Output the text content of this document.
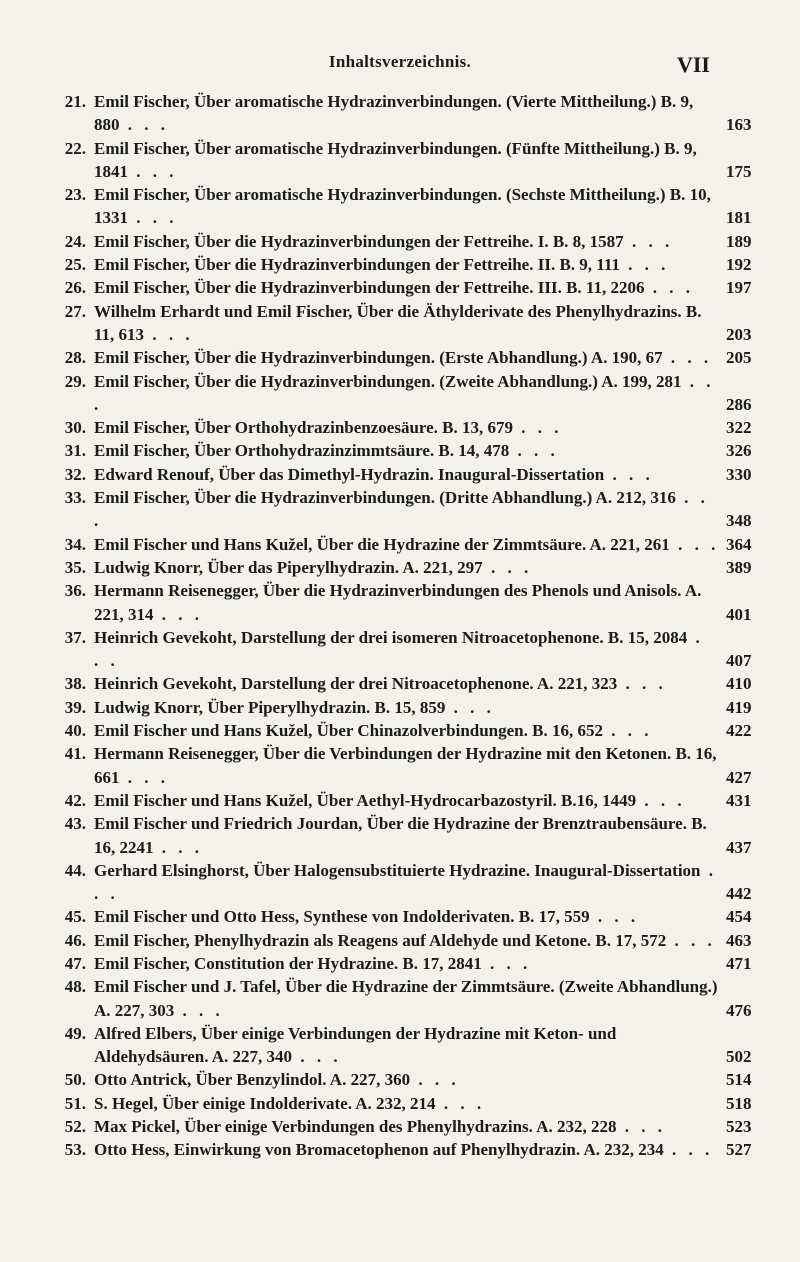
Inhaltsverzeichnis.	VII
21. Emil Fischer, Über aromatische Hydrazinverbindungen. (Vierte Mittheilung.) B. 9, 880 . . .	163
22. Emil Fischer, Über aromatische Hydrazinverbindungen. (Fünfte Mittheilung.) B. 9, 1841 . . .	175
23. Emil Fischer, Über aromatische Hydrazinverbindungen. (Sechste Mittheilung.) B. 10, 1331 . . .	181
24. Emil Fischer, Über die Hydrazinverbindungen der Fettreihe. I. B. 8, 1587 . . .	189
25. Emil Fischer, Über die Hydrazinverbindungen der Fettreihe. II. B. 9, 111 . . .	192
26. Emil Fischer, Über die Hydrazinverbindungen der Fettreihe. III. B. 11, 2206 . . . 197
27. Wilhelm Erhardt und Emil Fischer, Über die Äthylderivate des Phenylhydrazins. B. 11, 613 . . .	203
28. Emil Fischer, Über die Hydrazinverbindungen. (Erste Abhandlung.) A. 190, 67 . . . 205
29. Emil Fischer, Über die Hydrazinverbindungen. (Zweite Abhandlung.) A. 199, 281 . . .	286
30. Emil Fischer, Über Orthohydrazinbenzoesäure. B. 13, 679 . . .	322
31. Emil Fischer, Über Orthohydrazinzimmtsäure. B. 14, 478 . . .	326
32. Edward Renouf, Über das Dimethyl-Hydrazin. Inaugural-Dissertation . . .	330
33. Emil Fischer, Über die Hydrazinverbindungen. (Dritte Abhandlung.) A. 212, 316 . . .	348
34. Emil Fischer und Hans Kužel, Über die Hydrazine der Zimmtsäure. A. 221, 261 . . . 364
35. Ludwig Knorr, Über das Piperylhydrazin. A. 221, 297 . . .	389
36. Hermann Reisenegger, Über die Hydrazinverbindungen des Phenols und Anisols. A. 221, 314 . . .	401
37. Heinrich Gevekoht, Darstellung der drei isomeren Nitroacetophenone. B. 15, 2084 . . .	407
38. Heinrich Gevekoht, Darstellung der drei Nitroacetophenone. A. 221, 323 . . .	410
39. Ludwig Knorr, Über Piperylhydrazin. B. 15, 859 . . .	419
40. Emil Fischer und Hans Kužel, Über Chinazolverbindungen. B. 16, 652 . . .	422
41. Hermann Reisenegger, Über die Verbindungen der Hydrazine mit den Ketonen. B. 16, 661 . . .	427
42. Emil Fischer und Hans Kužel, Über Aethyl-Hydrocarbazostyril. B.16, 1449 . . . 431
43. Emil Fischer und Friedrich Jourdan, Über die Hydrazine der Brenztraubensäure. B. 16, 2241 . . .	437
44. Gerhard Elsinghorst, Über Halogensubstituierte Hydrazine. Inaugural-Dissertation . . .	442
45. Emil Fischer und Otto Hess, Synthese von Indolderivaten. B. 17, 559 . . .	454
46. Emil Fischer, Phenylhydrazin als Reagens auf Aldehyde und Ketone. B. 17, 572 . . . 463
47. Emil Fischer, Constitution der Hydrazine. B. 17, 2841 . . .	471
48. Emil Fischer und J. Tafel, Über die Hydrazine der Zimmtsäure. (Zweite Abhandlung.) A. 227, 303 . . .	476
49. Alfred Elbers, Über einige Verbindungen der Hydrazine mit Keton- und Aldehydsäuren. A. 227, 340 . . .	502
50. Otto Antrick, Über Benzylindol. A. 227, 360 . . .	514
51. S. Hegel, Über einige Indolderivate. A. 232, 214 . . .	518
52. Max Pickel, Über einige Verbindungen des Phenylhydrazins. A. 232, 228 . . .	523
53. Otto Hess, Einwirkung von Bromacetophenon auf Phenylhydrazin. A. 232, 234 . . . 527
